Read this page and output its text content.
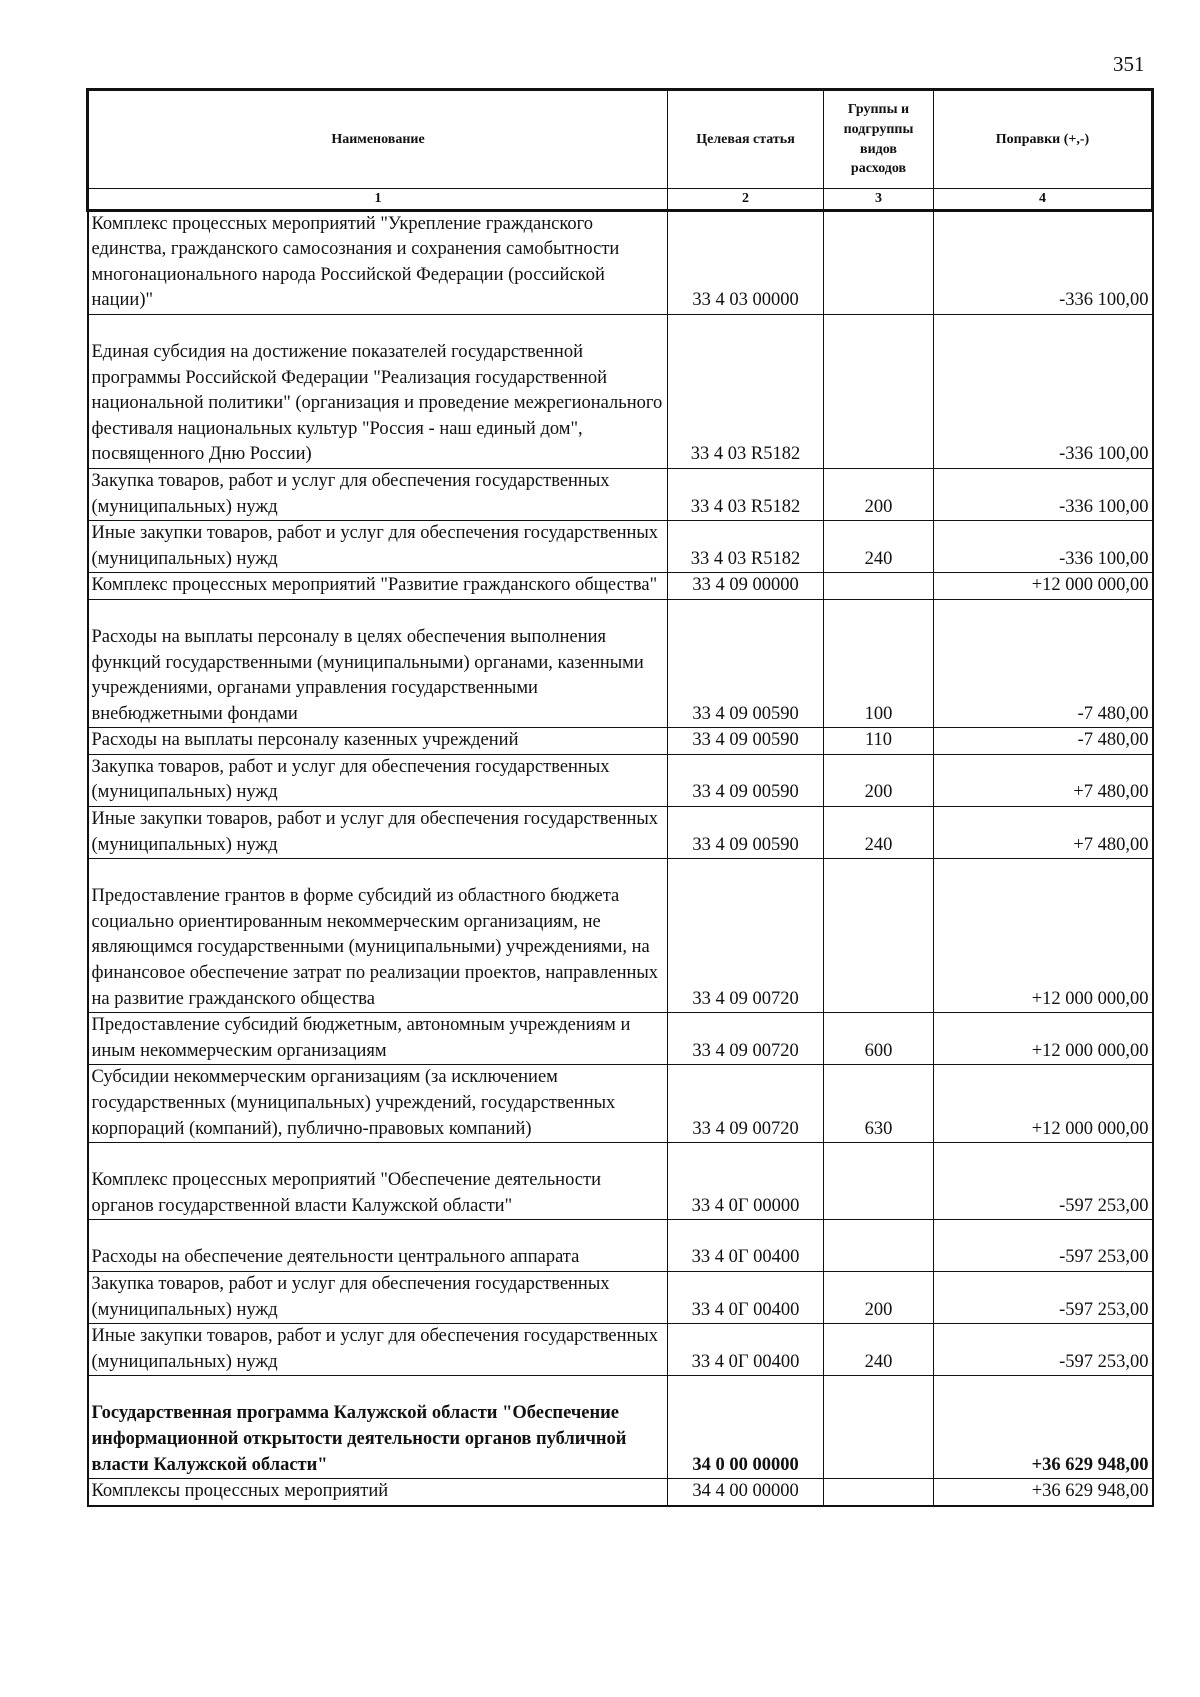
351
Наименование	Целевая статья	Группы и подгруппы видов расходов	Поправки (+,-)
1	2	3	4
Комплекс процессных мероприятий "Укрепление гражданского единства, гражданского самосознания и сохранения самобытности многонационального народа Российской Федерации (российской нации)"	33 4 03 00000		-336 100,00

Единая субсидия на достижение показателей государственной программы Российской Федерации "Реализация государственной национальной политики" (организация и проведение межрегионального фестиваля национальных культур "Россия - наш единый дом", посвященного Дню России)	33 4 03 R5182		-336 100,00
Закупка товаров, работ и услуг для обеспечения государственных (муниципальных) нужд	33 4 03 R5182	200	-336 100,00
Иные закупки товаров, работ и услуг для обеспечения государственных (муниципальных) нужд	33 4 03 R5182	240	-336 100,00
Комплекс процессных мероприятий "Развитие гражданского общества"	33 4 09 00000		+12 000 000,00

Расходы на выплаты персоналу в целях обеспечения выполнения функций государственными (муниципальными) органами, казенными учреждениями, органами управления государственными внебюджетными фондами	33 4 09 00590	100	-7 480,00
Расходы на выплаты персоналу казенных учреждений	33 4 09 00590	110	-7 480,00
Закупка товаров, работ и услуг для обеспечения государственных (муниципальных) нужд	33 4 09 00590	200	+7 480,00
Иные закупки товаров, работ и услуг для обеспечения государственных (муниципальных) нужд	33 4 09 00590	240	+7 480,00

Предоставление грантов в форме субсидий из областного бюджета социально ориентированным некоммерческим организациям, не являющимся государственными (муниципальными) учреждениями, на финансовое обеспечение затрат по реализации проектов, направленных на развитие гражданского общества	33 4 09 00720		+12 000 000,00
Предоставление субсидий бюджетным, автономным учреждениям и иным некоммерческим организациям	33 4 09 00720	600	+12 000 000,00
Субсидии некоммерческим организациям (за исключением государственных (муниципальных) учреждений, государственных корпораций (компаний), публично-правовых компаний)	33 4 09 00720	630	+12 000 000,00

Комплекс процессных мероприятий "Обеспечение деятельности органов государственной власти Калужской области"	33 4 0Г 00000		-597 253,00

Расходы на обеспечение деятельности центрального аппарата	33 4 0Г 00400		-597 253,00
Закупка товаров, работ и услуг для обеспечения государственных (муниципальных) нужд	33 4 0Г 00400	200	-597 253,00
Иные закупки товаров, работ и услуг для обеспечения государственных (муниципальных) нужд	33 4 0Г 00400	240	-597 253,00

Государственная программа Калужской области "Обеспечение информационной открытости деятельности органов публичной власти Калужской области"	34 0 00 00000		+36 629 948,00
Комплексы процессных мероприятий	34 4 00 00000		+36 629 948,00
